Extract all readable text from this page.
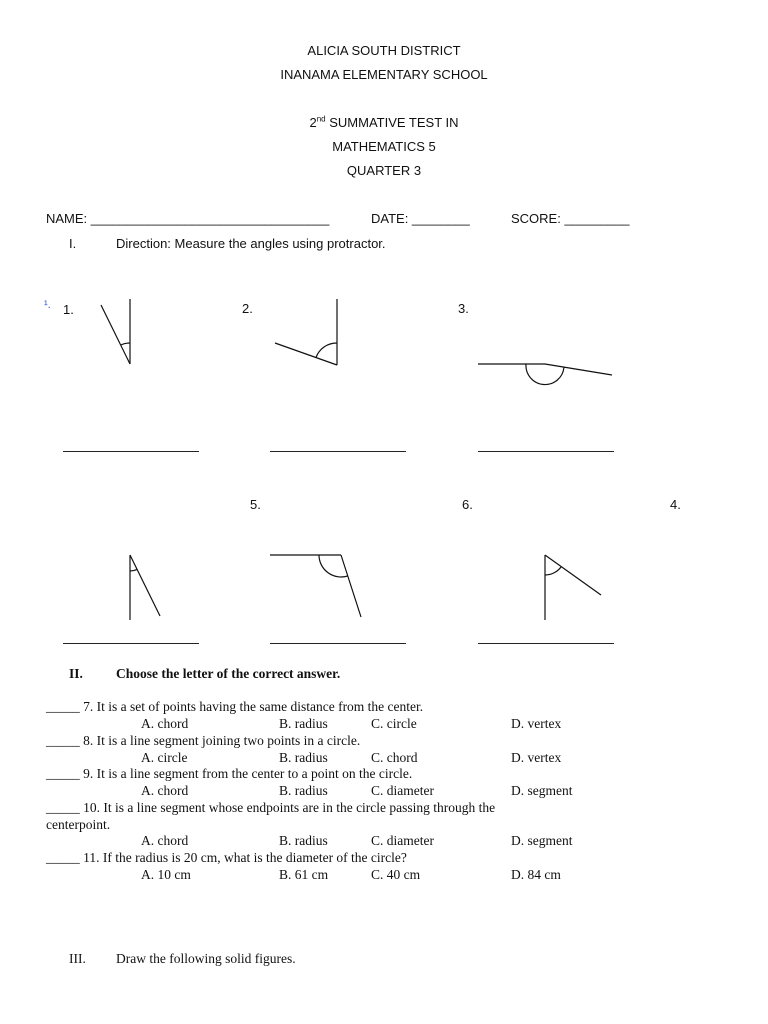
ALICIA SOUTH DISTRICT
INANAMA ELEMENTARY SCHOOL
2nd SUMMATIVE TEST IN
MATHEMATICS 5
QUARTER 3
NAME: _________________________________	DATE: ________	SCORE: _________
I.	Direction: Measure the angles using protractor.
¹. 1.	2.	3.
5.	6.	4.
II. Choose the letter of the correct answer.
_____ 7. It is a set of points having the same distance from the center.
A. chord	B. radius	C. circle	D. vertex
_____ 8. It is a line segment joining two points in a circle.
A. circle	B. radius	C. chord	D. vertex
_____ 9. It is a line segment from the center to a point on the circle.
A. chord	B. radius	C. diameter	D. segment
_____ 10. It is a line segment whose endpoints are in the circle passing through the
centerpoint.
A. chord	B. radius	C. diameter	D. segment
_____ 11. If the radius is 20 cm, what is the diameter of the circle?
A. 10 cm	B. 61 cm	C. 40 cm	D. 84 cm
III. Draw the following solid figures.
